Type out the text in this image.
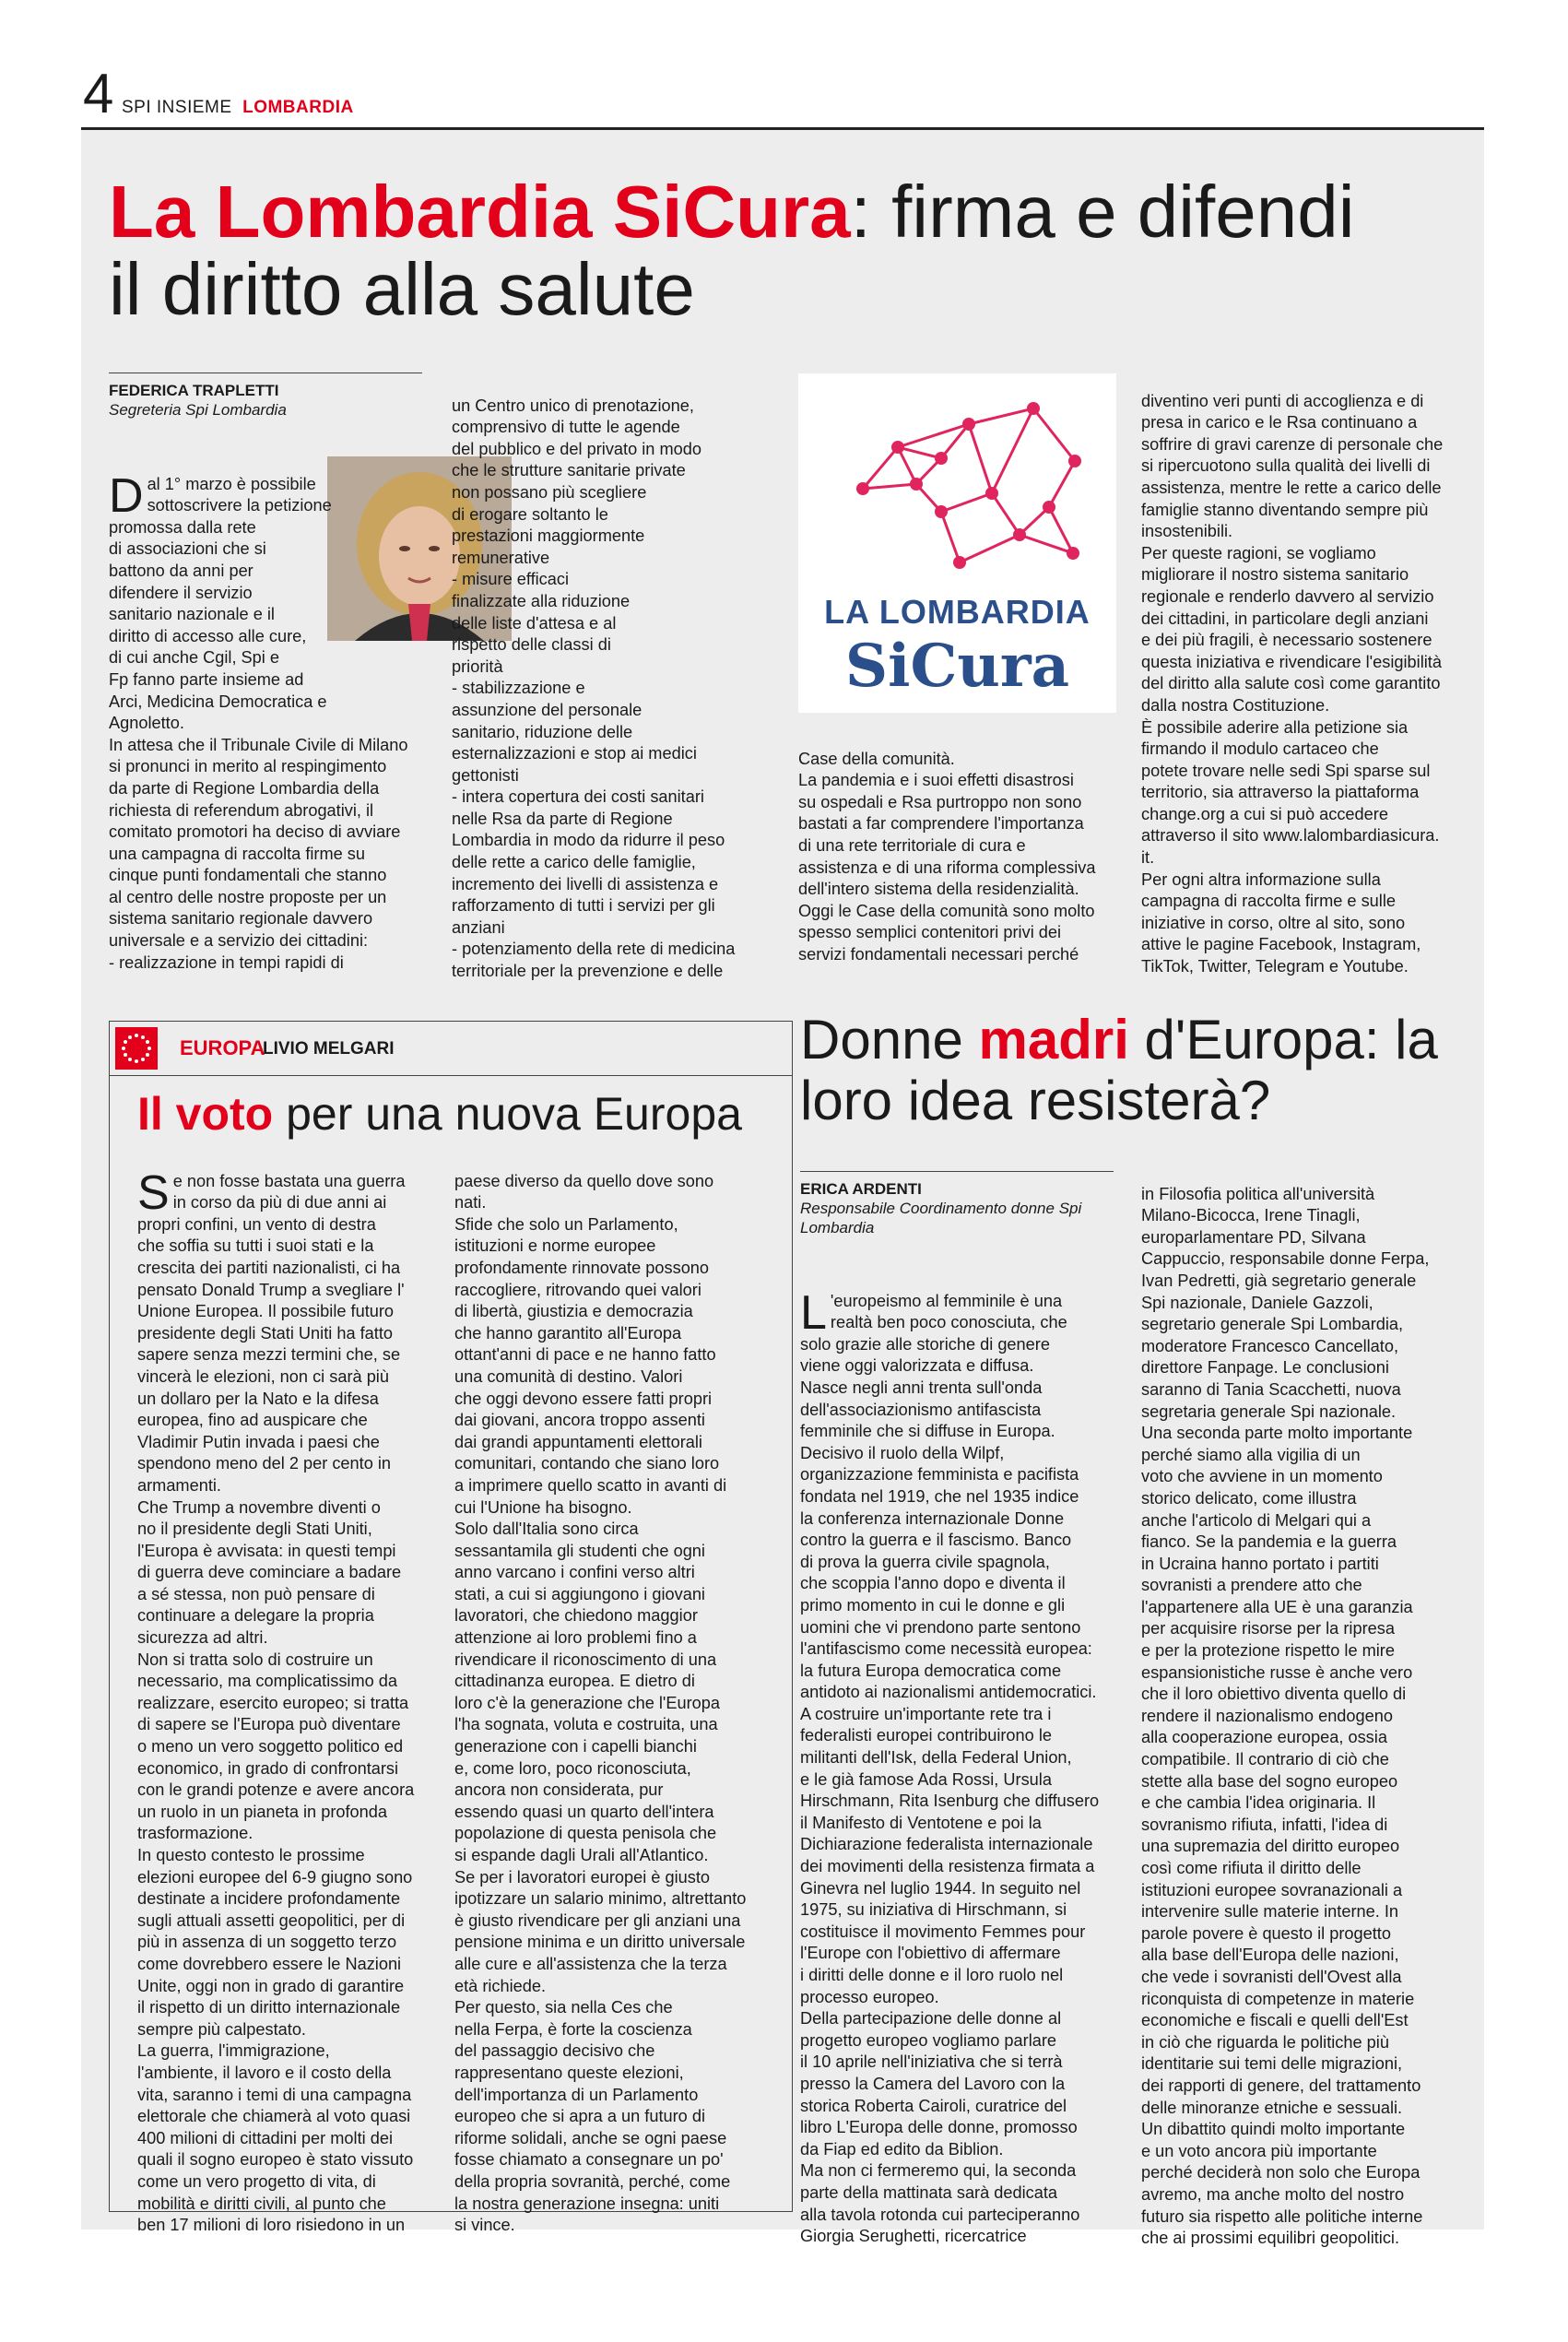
4 SPI INSIEME LOMBARDIA
La Lombardia SiCura: firma e difendi il diritto alla salute
FEDERICA TRAPLETTI
Segreteria Spi Lombardia

Dal 1° marzo è possibile
sottoscrivere la petizione
promossa dalla rete
di associazioni che si
battono da anni per
difendere il servizio
sanitario nazionale e il
diritto di accesso alle cure,
di cui anche Cgil, Spi e
Fp fanno parte insieme ad
Arci, Medicina Democratica e
Agnoletto.
In attesa che il Tribunale Civile di Milano
si pronunci in merito al respingimento
da parte di Regione Lombardia della
richiesta di referendum abrogativi, il
comitato promotori ha deciso di avviare
una campagna di raccolta firme su
cinque punti fondamentali che stanno
al centro delle nostre proposte per un
sistema sanitario regionale davvero
universale e a servizio dei cittadini:
- realizzazione in tempi rapidi di

un Centro unico di prenotazione,
comprensivo di tutte le agende
del pubblico e del privato in modo
che le strutture sanitarie private
non possano più scegliere
di erogare soltanto le
prestazioni maggiormente
remunerative
- misure efficaci
finalizzate alla riduzione
delle liste d'attesa e al
rispetto delle classi di
priorità
- stabilizzazione e
assunzione del personale
sanitario, riduzione delle
esternalizzazioni e stop ai medici
gettonisti
- intera copertura dei costi sanitari
nelle Rsa da parte di Regione
Lombardia in modo da ridurre il peso
delle rette a carico delle famiglie,
incremento dei livelli di assistenza e
rafforzamento di tutti i servizi per gli
anziani
- potenziamento della rete di medicina
territoriale per la prevenzione e delle

LA LOMBARDIA
SiCura

Case della comunità.
La pandemia e i suoi effetti disastrosi
su ospedali e Rsa purtroppo non sono
bastati a far comprendere l'importanza
di una rete territoriale di cura e
assistenza e di una riforma complessiva
dell'intero sistema della residenzialità.
Oggi le Case della comunità sono molto
spesso semplici contenitori privi dei
servizi fondamentali necessari perché

diventino veri punti di accoglienza e di
presa in carico e le Rsa continuano a
soffrire di gravi carenze di personale che
si ripercuotono sulla qualità dei livelli di
assistenza, mentre le rette a carico delle
famiglie stanno diventando sempre più
insostenibili.
Per queste ragioni, se vogliamo
migliorare il nostro sistema sanitario
regionale e renderlo davvero al servizio
dei cittadini, in particolare degli anziani
e dei più fragili, è necessario sostenere
questa iniziativa e rivendicare l'esigibilità
del diritto alla salute così come garantito
dalla nostra Costituzione.
È possibile aderire alla petizione sia
firmando il modulo cartaceo che
potete trovare nelle sedi Spi sparse sul
territorio, sia attraverso la piattaforma
change.org a cui si può accedere
attraverso il sito www.lalombardiasicura.
it.
Per ogni altra informazione sulla
campagna di raccolta firme e sulle
iniziative in corso, oltre al sito, sono
attive le pagine Facebook, Instagram,
TikTok, Twitter, Telegram e Youtube.

EUROPA
LIVIO MELGARI
Il voto per una nuova Europa

Se non fosse bastata una guerra
in corso da più di due anni ai
propri confini, un vento di destra
che soffia su tutti i suoi stati e la
crescita dei partiti nazionalisti, ci ha
pensato Donald Trump a svegliare l'
Unione Europea. Il possibile futuro
presidente degli Stati Uniti ha fatto
sapere senza mezzi termini che, se
vincerà le elezioni, non ci sarà più
un dollaro per la Nato e la difesa
europea, fino ad auspicare che
Vladimir Putin invada i paesi che
spendono meno del 2 per cento in
armamenti.
Che Trump a novembre diventi o
no il presidente degli Stati Uniti,
l'Europa è avvisata: in questi tempi
di guerra deve cominciare a badare
a sé stessa, non può pensare di
continuare a delegare la propria
sicurezza ad altri.
Non si tratta solo di costruire un
necessario, ma complicatissimo da
realizzare, esercito europeo; si tratta
di sapere se l'Europa può diventare
o meno un vero soggetto politico ed
economico, in grado di confrontarsi
con le grandi potenze e avere ancora
un ruolo in un pianeta in profonda
trasformazione.
In questo contesto le prossime
elezioni europee del 6-9 giugno sono
destinate a incidere profondamente
sugli attuali assetti geopolitici, per di
più in assenza di un soggetto terzo
come dovrebbero essere le Nazioni
Unite, oggi non in grado di garantire
il rispetto di un diritto internazionale
sempre più calpestato.
La guerra, l'immigrazione,
l'ambiente, il lavoro e il costo della
vita, saranno i temi di una campagna
elettorale che chiamerà al voto quasi
400 milioni di cittadini per molti dei
quali il sogno europeo è stato vissuto
come un vero progetto di vita, di
mobilità e diritti civili, al punto che
ben 17 milioni di loro risiedono in un

paese diverso da quello dove sono
nati.
Sfide che solo un Parlamento,
istituzioni e norme europee
profondamente rinnovate possono
raccogliere, ritrovando quei valori
di libertà, giustizia e democrazia
che hanno garantito all'Europa
ottant'anni di pace e ne hanno fatto
una comunità di destino. Valori
che oggi devono essere fatti propri
dai giovani, ancora troppo assenti
dai grandi appuntamenti elettorali
comunitari, contando che siano loro
a imprimere quello scatto in avanti di
cui l'Unione ha bisogno.
Solo dall'Italia sono circa
sessantamila gli studenti che ogni
anno varcano i confini verso altri
stati, a cui si aggiungono i giovani
lavoratori, che chiedono maggior
attenzione ai loro problemi fino a
rivendicare il riconoscimento di una
cittadinanza europea. E dietro di
loro c'è la generazione che l'Europa
l'ha sognata, voluta e costruita, una
generazione con i capelli bianchi
e, come loro, poco riconosciuta,
ancora non considerata, pur
essendo quasi un quarto dell'intera
popolazione di questa penisola che
si espande dagli Urali all'Atlantico.
Se per i lavoratori europei è giusto
ipotizzare un salario minimo, altrettanto
è giusto rivendicare per gli anziani una
pensione minima e un diritto universale
alle cure e all'assistenza che la terza
età richiede.
Per questo, sia nella Ces che
nella Ferpa, è forte la coscienza
del passaggio decisivo che
rappresentano queste elezioni,
dell'importanza di un Parlamento
europeo che si apra a un futuro di
riforme solidali, anche se ogni paese
fosse chiamato a consegnare un po'
della propria sovranità, perché, come
la nostra generazione insegna: uniti
si vince.

Donne madri d'Europa: la loro idea resisterà?
ERICA ARDENTI
Responsabile Coordinamento donne Spi Lombardia

L 'europeismo al femminile è una
realtà ben poco conosciuta, che
solo grazie alle storiche di genere
viene oggi valorizzata e diffusa.
Nasce negli anni trenta sull'onda
dell'associazionismo antifascista
femminile che si diffuse in Europa.
Decisivo il ruolo della Wilpf,
organizzazione femminista e pacifista
fondata nel 1919, che nel 1935 indice
la conferenza internazionale Donne
contro la guerra e il fascismo. Banco
di prova la guerra civile spagnola,
che scoppia l'anno dopo e diventa il
primo momento in cui le donne e gli
uomini che vi prendono parte sentono
l'antifascismo come necessità europea:
la futura Europa democratica come
antidoto ai nazionalismi antidemocratici.
A costruire un'importante rete tra i
federalisti europei contribuirono le
militanti dell'Isk, della Federal Union,
e le già famose Ada Rossi, Ursula
Hirschmann, Rita Isenburg che diffusero
il Manifesto di Ventotene e poi la
Dichiarazione federalista internazionale
dei movimenti della resistenza firmata a
Ginevra nel luglio 1944. In seguito nel
1975, su iniziativa di Hirschmann, si
costituisce il movimento Femmes pour
l'Europe con l'obiettivo di affermare
i diritti delle donne e il loro ruolo nel
processo europeo.
Della partecipazione delle donne al
progetto europeo vogliamo parlare
il 10 aprile nell'iniziativa che si terrà
presso la Camera del Lavoro con la
storica Roberta Cairoli, curatrice del
libro L'Europa delle donne, promosso
da Fiap ed edito da Biblion.
Ma non ci fermeremo qui, la seconda
parte della mattinata sarà dedicata
alla tavola rotonda cui parteciperanno
Giorgia Serughetti, ricercatrice

in Filosofia politica all'università
Milano-Bicocca, Irene Tinagli,
europarlamentare PD, Silvana
Cappuccio, responsabile donne Ferpa,
Ivan Pedretti, già segretario generale
Spi nazionale, Daniele Gazzoli,
segretario generale Spi Lombardia,
moderatore Francesco Cancellato,
direttore Fanpage. Le conclusioni
saranno di Tania Scacchetti, nuova
segretaria generale Spi nazionale.
Una seconda parte molto importante
perché siamo alla vigilia di un
voto che avviene in un momento
storico delicato, come illustra
anche l'articolo di Melgari qui a
fianco. Se la pandemia e la guerra
in Ucraina hanno portato i partiti
sovranisti a prendere atto che
l'appartenere alla UE è una garanzia
per acquisire risorse per la ripresa
e per la protezione rispetto le mire
espansionistiche russe è anche vero
che il loro obiettivo diventa quello di
rendere il nazionalismo endogeno
alla cooperazione europea, ossia
compatibile. Il contrario di ciò che
stette alla base del sogno europeo
e che cambia l'idea originaria. Il
sovranismo rifiuta, infatti, l'idea di
una supremazia del diritto europeo
così come rifiuta il diritto delle
istituzioni europee sovranazionali a
intervenire sulle materie interne. In
parole povere è questo il progetto
alla base dell'Europa delle nazioni,
che vede i sovranisti dell'Ovest alla
riconquista di competenze in materie
economiche e fiscali e quelli dell'Est
in ciò che riguarda le politiche più
identitarie sui temi delle migrazioni,
dei rapporti di genere, del trattamento
delle minoranze etniche e sessuali.
Un dibattito quindi molto importante
e un voto ancora più importante
perché deciderà non solo che Europa
avremo, ma anche molto del nostro
futuro sia rispetto alle politiche interne
che ai prossimi equilibri geopolitici.
